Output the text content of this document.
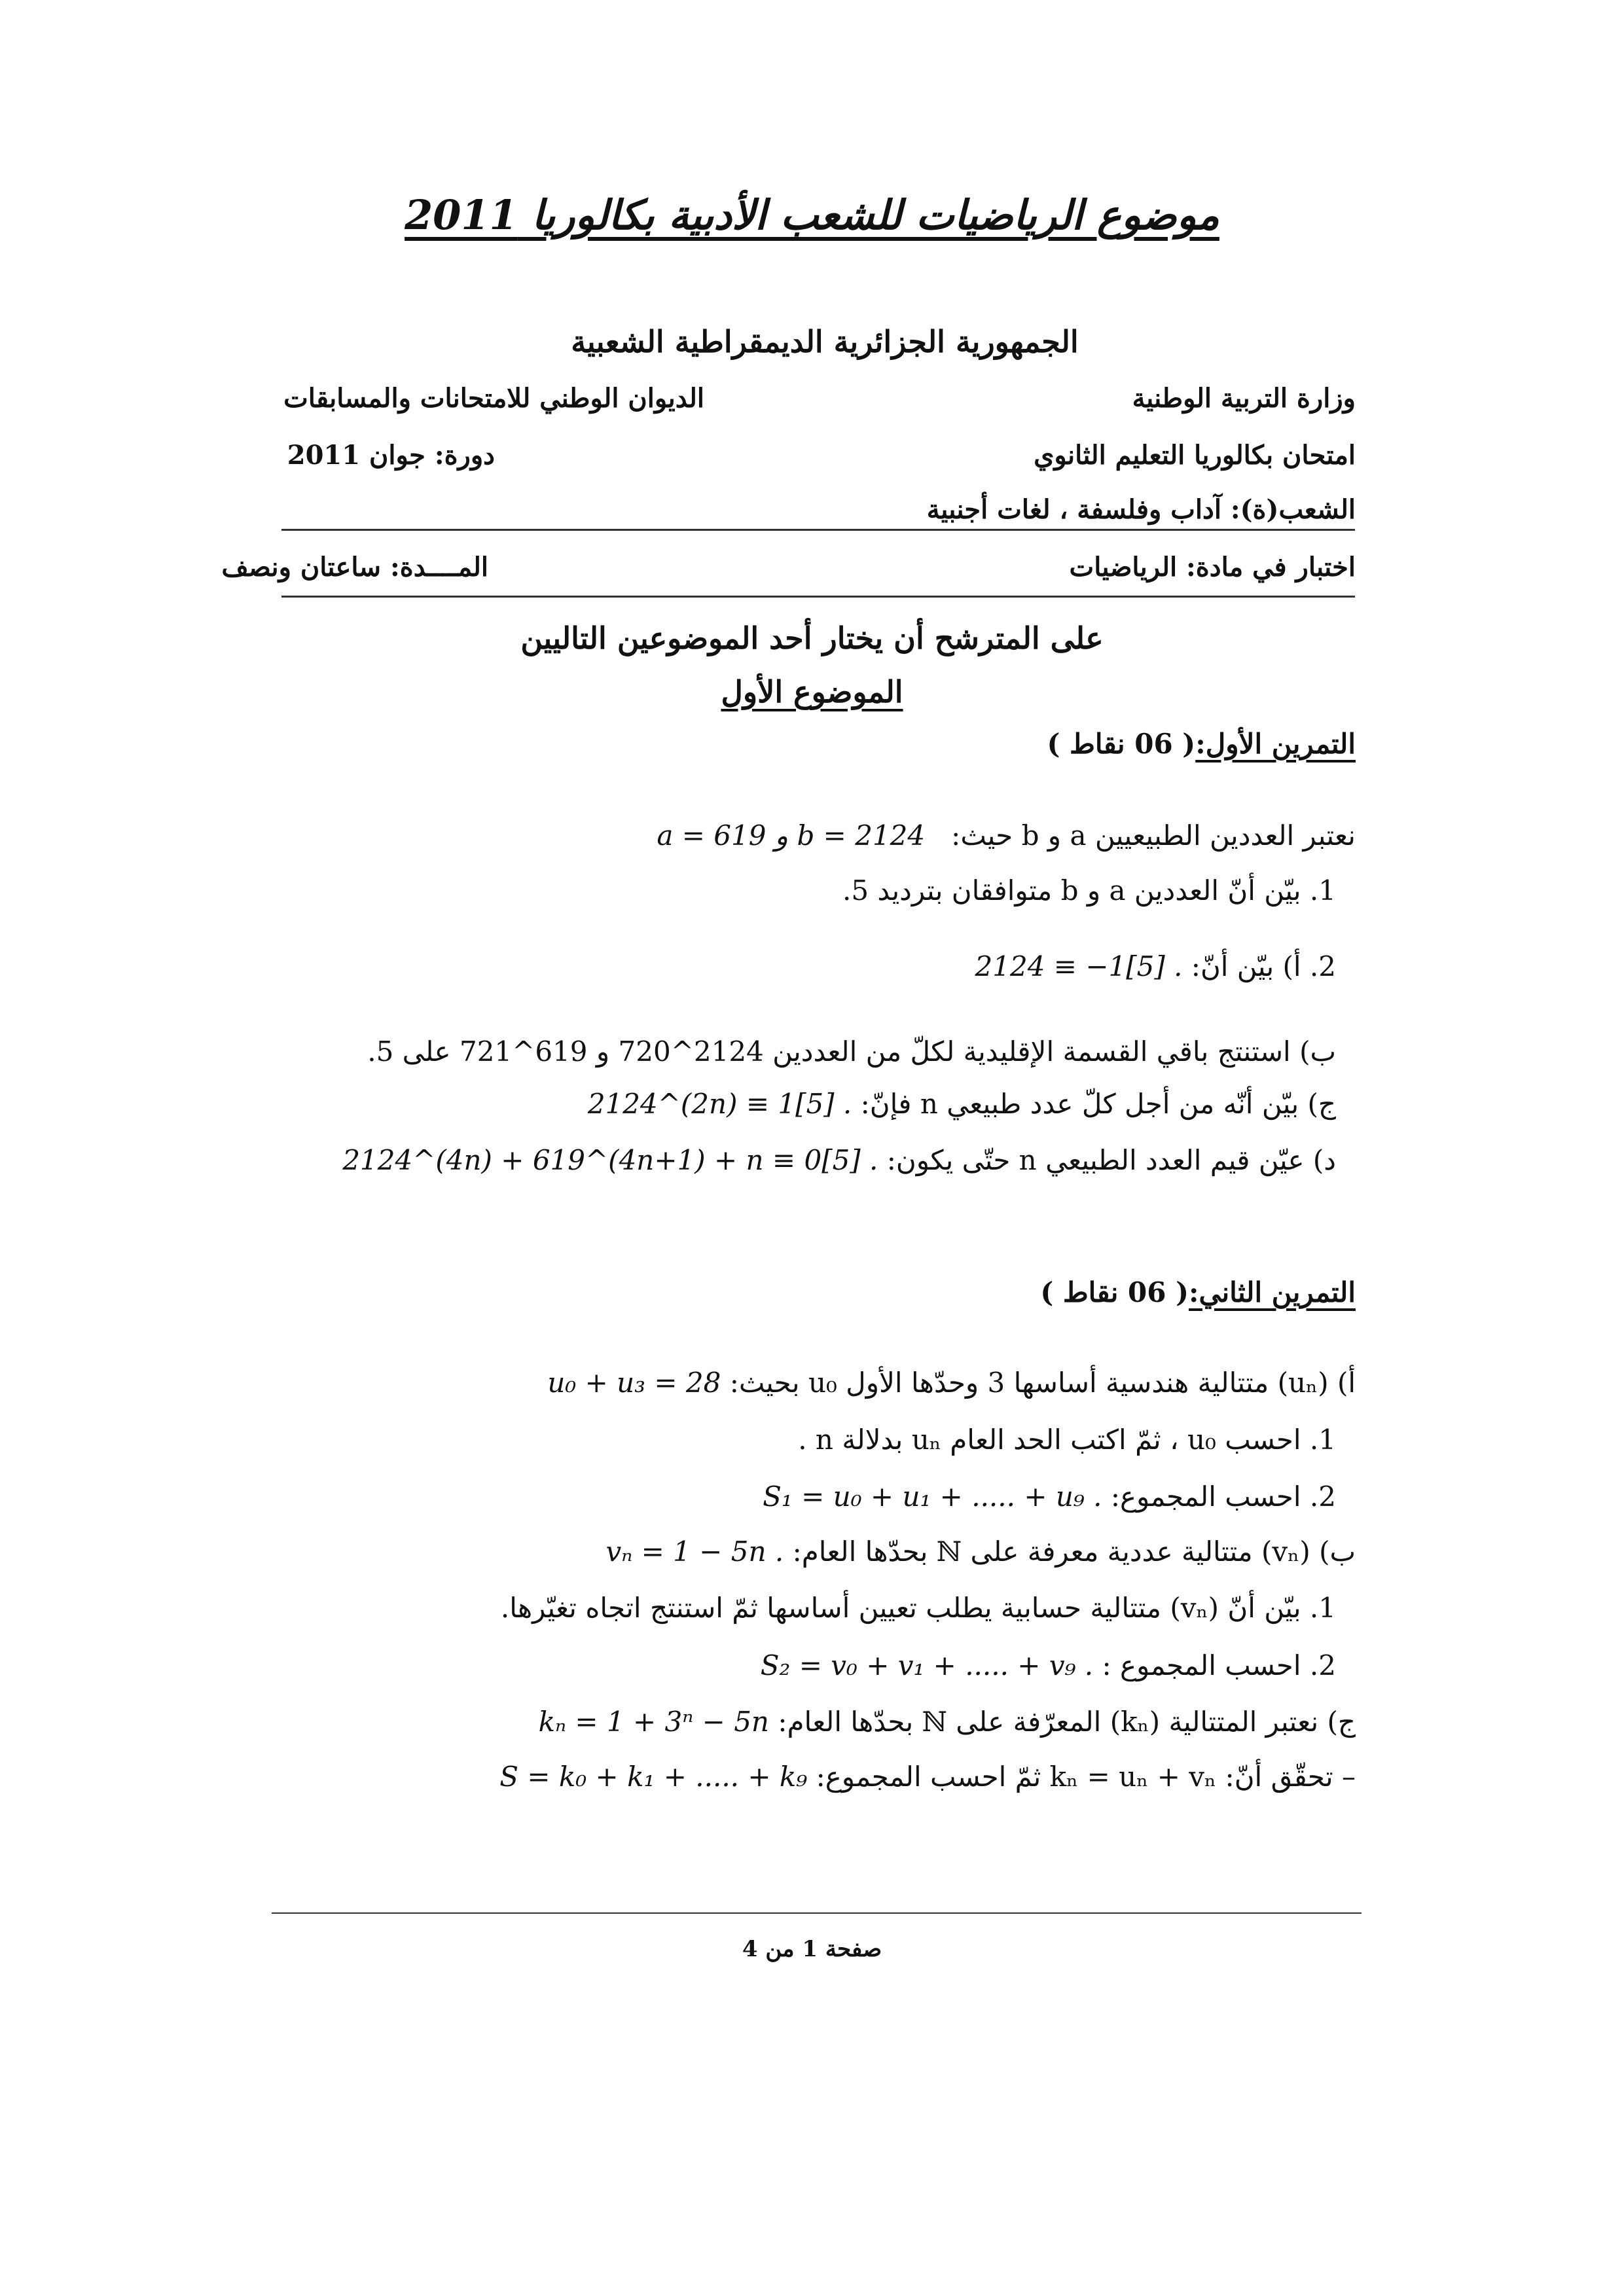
موضوع الرياضيات للشعب الأدبية بكالوريا 2011
الجمهورية الجزائرية الديمقراطية الشعبية
وزارة التربية الوطنية
الديوان الوطني للامتحانات والمسابقات
امتحان بكالوريا التعليم الثانوي
دورة: جوان 2011
الشعب(ة): آداب وفلسفة ، لغات أجنبية
اختبار في مادة: الرياضيات
المــــدة: ساعتان ونصف
على المترشح أن يختار أحد الموضوعين التاليين
الموضوع الأول
التمرين الأول:( 06 نقاط )
نعتبر العددين الطبيعيين a و b حيث:   a = 619 و b = 2124
1. بيّن أنّ العددين a و b متوافقان بترديد 5.
2. أ) بيّن أنّ: 2124 ≡ −1[5] .
ب) استنتج باقي القسمة الإقليدية لكلّ من العددين 2124^720 و 619^721 على 5.
ج) بيّن أنّه من أجل كلّ عدد طبيعي n فإنّ: 2124^(2n) ≡ 1[5] .
د) عيّن قيم العدد الطبيعي n حتّى يكون: 2124^(4n) + 619^(4n+1) + n ≡ 0[5] .
التمرين الثاني:( 06 نقاط )
أ) (uₙ) متتالية هندسية أساسها 3 وحدّها الأول u₀ بحيث: u₀ + u₃ = 28
1. احسب u₀ ، ثمّ اكتب الحد العام uₙ بدلالة n .
2. احسب المجموع: S₁ = u₀ + u₁ + ..... + u₉ .
ب) (vₙ) متتالية عددية معرفة على ℕ بحدّها العام: vₙ = 1 − 5n .
1. بيّن أنّ (vₙ) متتالية حسابية يطلب تعيين أساسها ثمّ استنتج اتجاه تغيّرها.
2. احسب المجموع : S₂ = v₀ + v₁ + ..... + v₉ .
ج) نعتبر المتتالية (kₙ) المعرّفة على ℕ بحدّها العام: kₙ = 1 + 3ⁿ − 5n
– تحقّق أنّ: kₙ = uₙ + vₙ ثمّ احسب المجموع: S = k₀ + k₁ + ..... + k₉
صفحة 1 من 4
